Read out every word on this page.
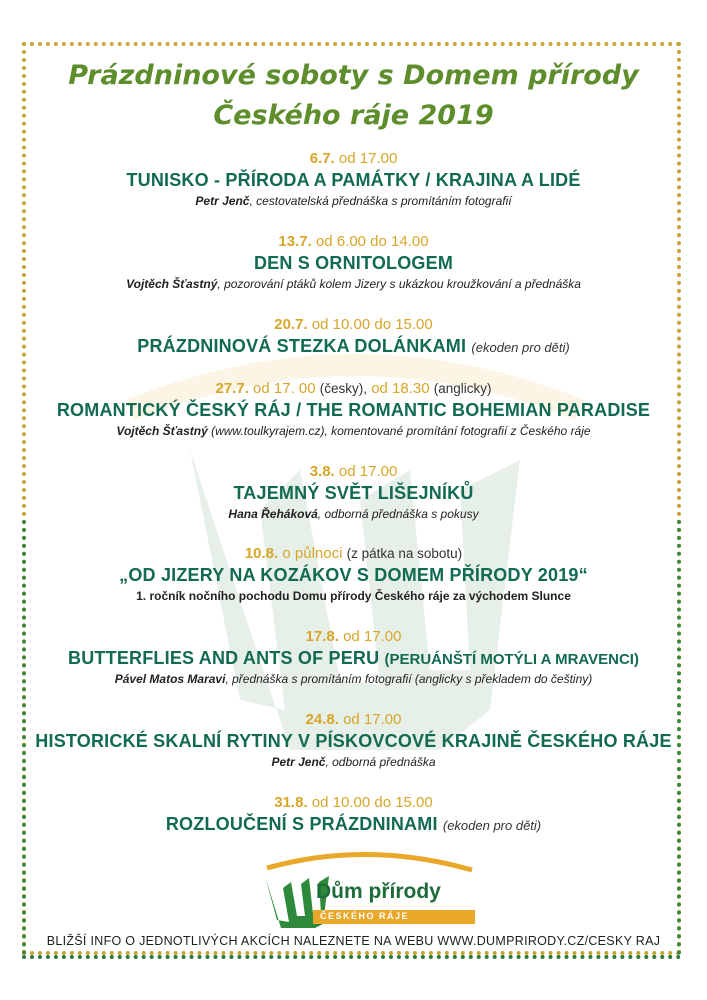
Prázdninové soboty s Domem přírody
Českého ráje 2019
6.7. od 17.00
TUNISKO - PŘÍRODA A PAMÁTKY / KRAJINA A LIDÉ
Petr Jenč, cestovatelská přednáška s promítáním fotografií
13.7. od 6.00 do 14.00
DEN S ORNITOLOGEM
Vojtěch Šťastný, pozorování ptáků kolem Jizery s ukázkou kroužkování a přednáška
20.7. od 10.00 do 15.00
PRÁZDNINOVÁ STEZKA DOLÁNKAMI (ekoden pro děti)
27.7. od 17. 00 (česky), od 18.30 (anglicky)
ROMANTICKÝ ČESKÝ RÁJ / THE ROMANTIC BOHEMIAN PARADISE
Vojtěch Šťastný (www.toulkyrajem.cz), komentované promítání fotografií z Českého ráje
3.8. od 17.00
TAJEMNÝ SVĚT LIŠEJNÍKŮ
Hana Řeháková, odborná přednáška s pokusy
10.8. o půlnoci (z pátka na sobotu)
„OD JIZERY NA KOZÁKOV S DOMEM PŘÍRODY 2019“
1. ročník nočního pochodu Domu přírody Českého ráje za východem Slunce
17.8. od 17.00
BUTTERFLIES AND ANTS OF PERU (PERUÁNŠTÍ MOTÝLI A MRAVENCI)
Pável Matos Maravi, přednáška s promítáním fotografií (anglicky s překladem do češtiny)
24.8. od 17.00
HISTORICKÉ SKALNÍ RYTINY V PÍSKOVCOVÉ KRAJINĚ ČESKÉHO RÁJE
Petr Jenč, odborná přednáška
31.8. od 10.00 do 15.00
ROZLOUČENÍ S PRÁZDNINAMI (ekoden pro děti)
Dům přírody
ČESKÉHO RÁJE
BLIŽŠÍ INFO O JEDNOTLIVÝCH AKCÍCH NALEZNETE NA WEBU WWW.DUMPRIRODY.CZ/CESKY RAJ
